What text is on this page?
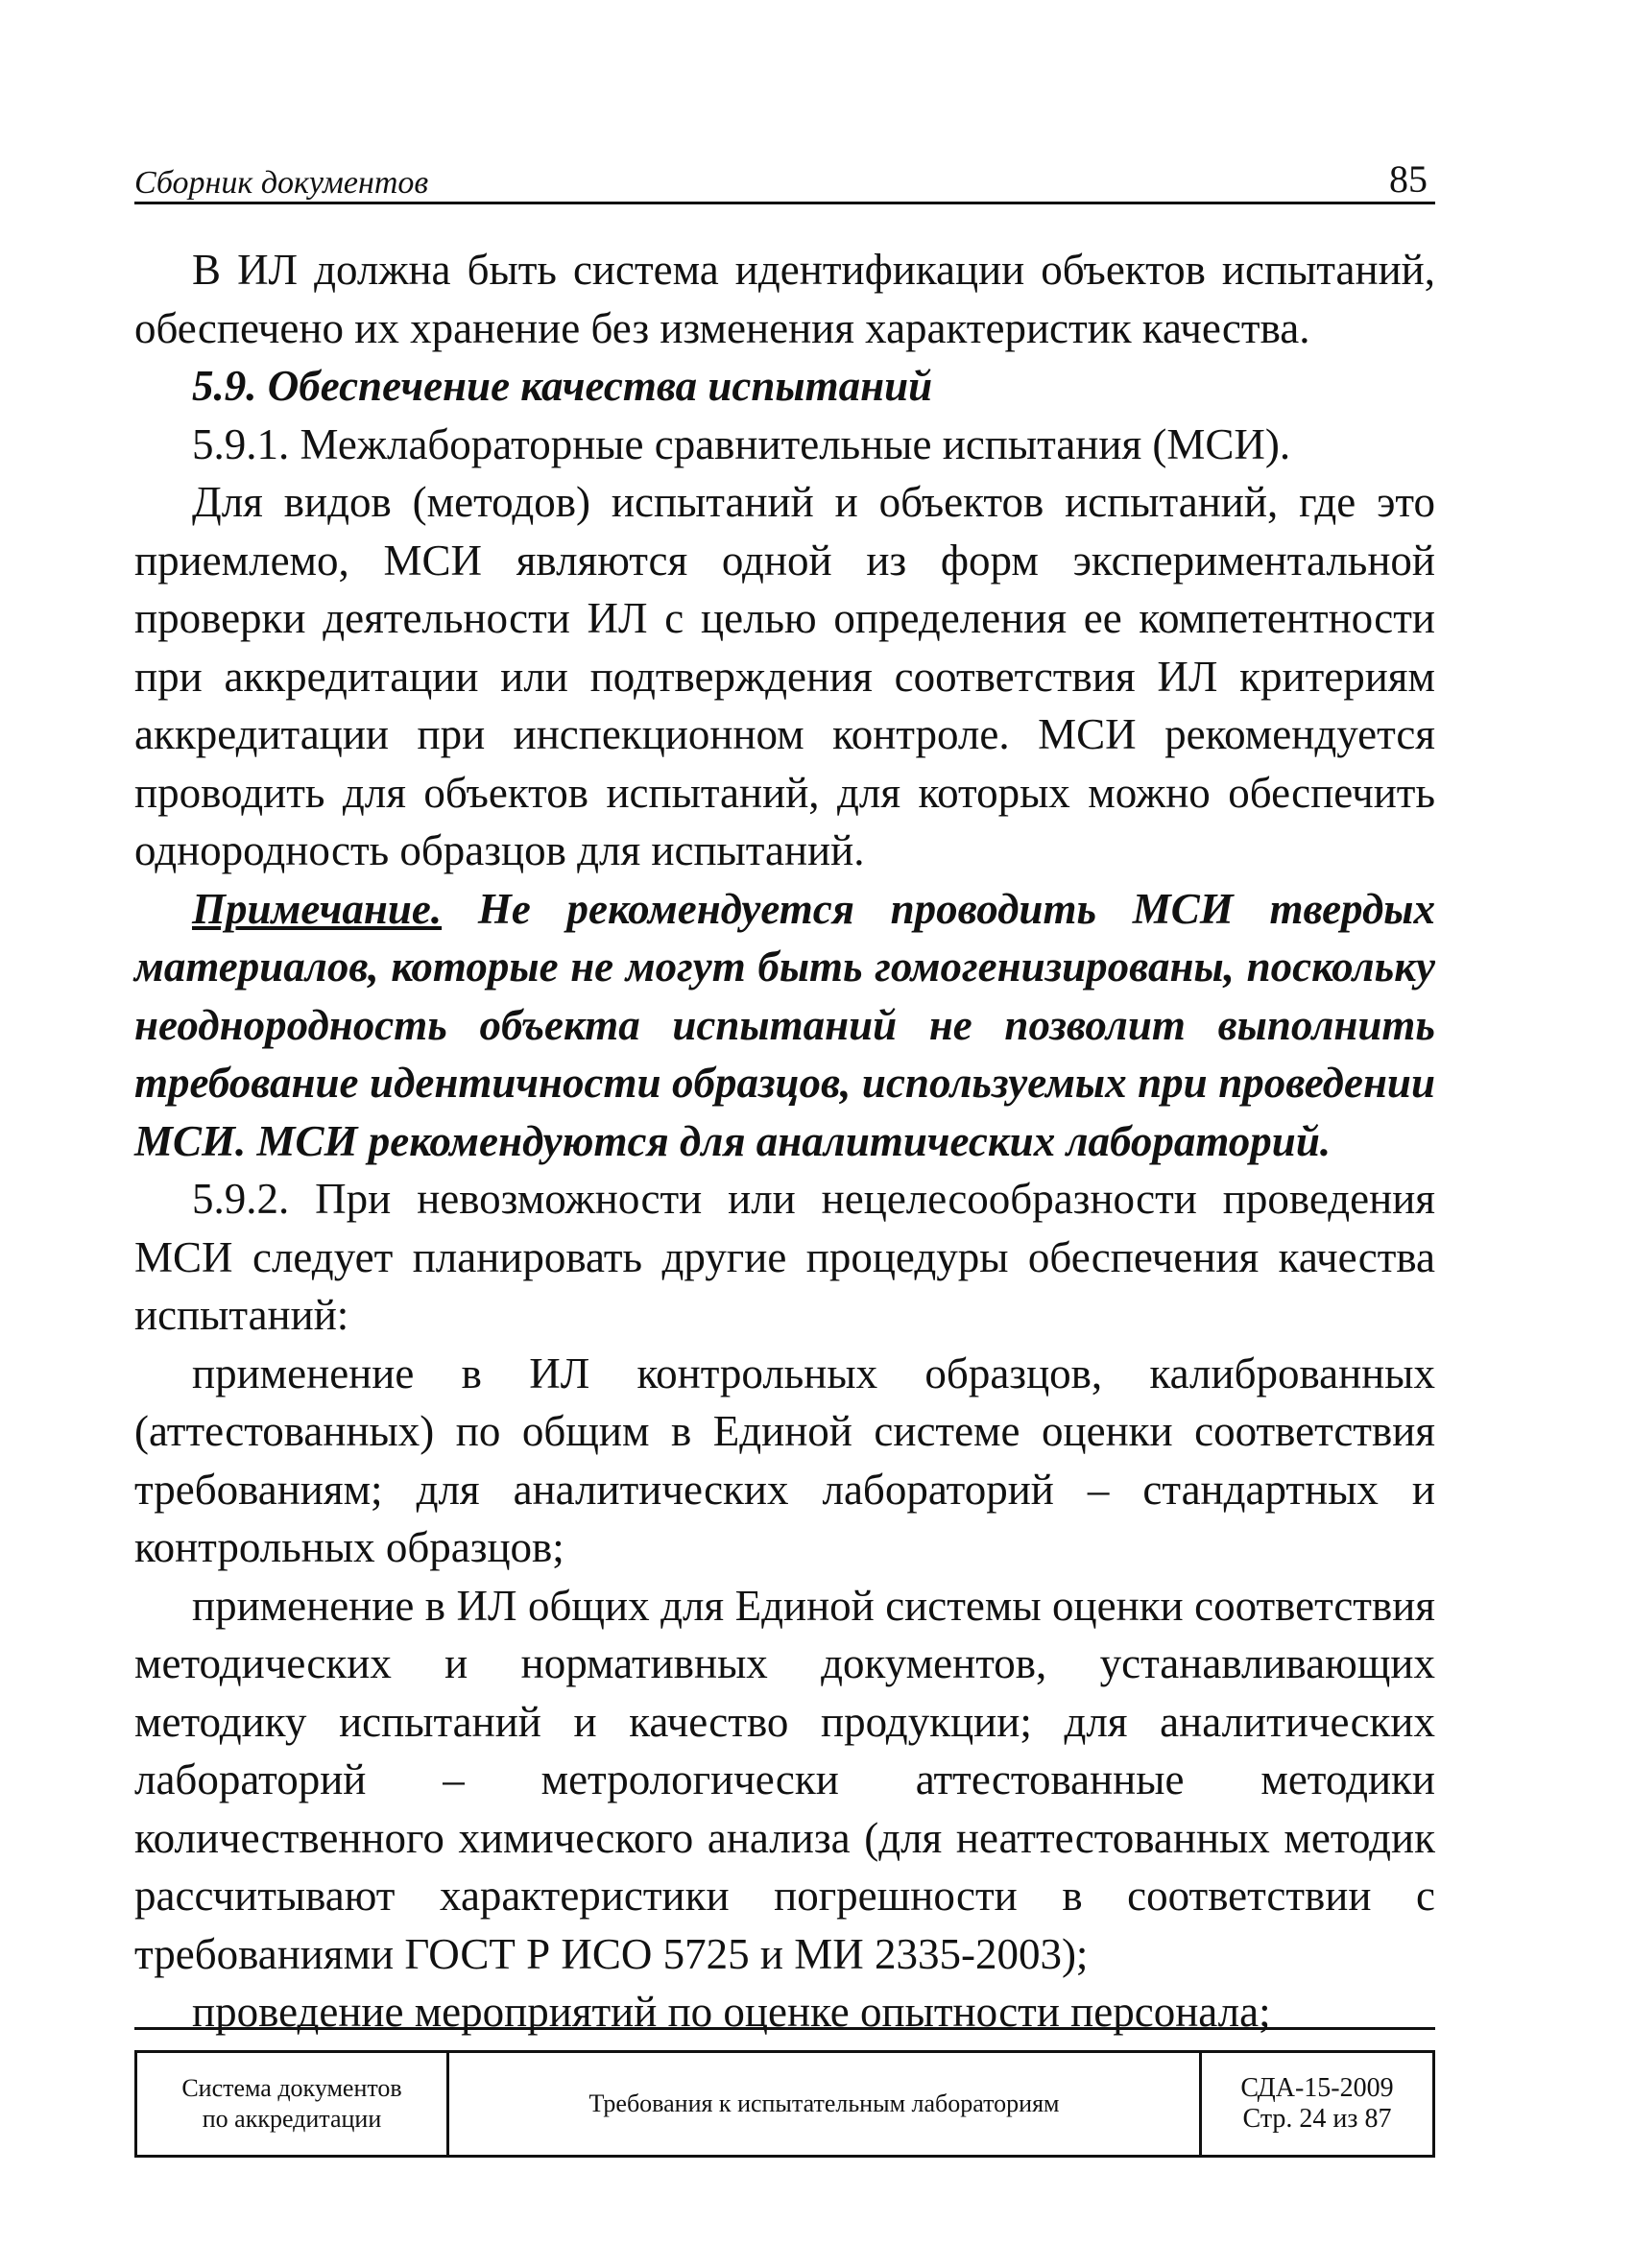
Сборник документов	85

В ИЛ должна быть система идентификации объектов испытаний, обеспечено их хранение без изменения характеристик качества.

5.9. Обеспечение качества испытаний

5.9.1. Межлабораторные сравнительные испытания (МСИ).

Для видов (методов) испытаний и объектов испытаний, где это приемлемо, МСИ являются одной из форм экспериментальной проверки деятельности ИЛ с целью определения ее компетентности при аккредитации или подтверждения соответствия ИЛ критериям аккредитации при инспекционном контроле. МСИ рекомендуется проводить для объектов испытаний, для которых можно обеспечить однородность образцов для испытаний.

Примечание. Не рекомендуется проводить МСИ твердых материалов, которые не могут быть гомогенизированы, поскольку неоднородность объекта испытаний не позволит выполнить требование идентичности образцов, используемых при проведении МСИ. МСИ рекомендуются для аналитических лабораторий.

5.9.2. При невозможности или нецелесообразности проведения МСИ следует планировать другие процедуры обеспечения качества испытаний:

применение в ИЛ контрольных образцов, калиброванных (аттестованных) по общим в Единой системе оценки соответствия требованиям; для аналитических лабораторий – стандартных и контрольных образцов;

применение в ИЛ общих для Единой системы оценки соответствия методических и нормативных документов, устанавливающих методику испытаний и качество продукции; для аналитических лабораторий – метрологически аттестованные методики количественного химического анализа (для неаттестованных методик рассчитывают характеристики погрешности в соответствии с требованиями ГОСТ Р ИСО 5725 и МИ 2335-2003);

проведение мероприятий по оценке опытности персонала;

Система документов
по аккредитации
Требования к испытательным лабораториям
СДА-15-2009
Стр. 24 из 87
